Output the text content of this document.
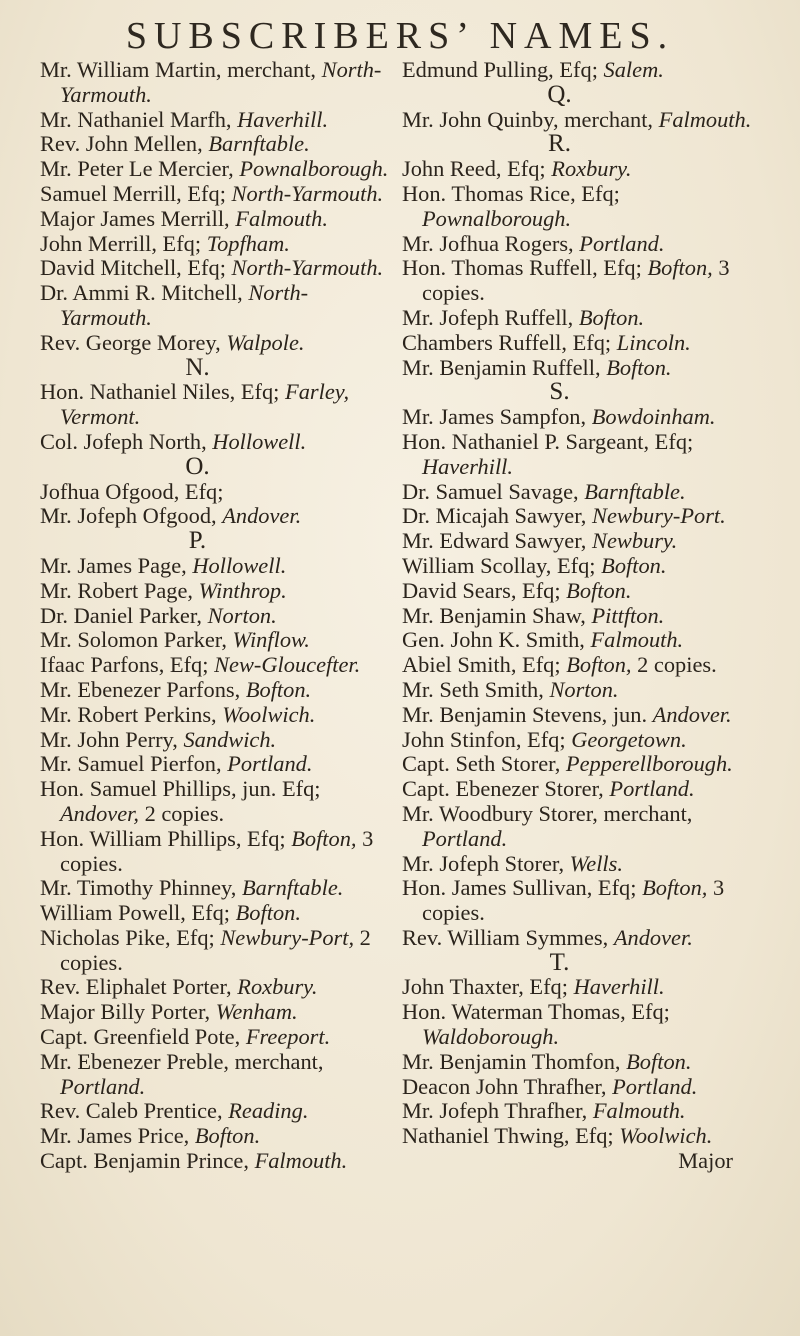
SUBSCRIBERS’ NAMES.

Mr. William Martin, merchant, North-Yarmouth.

Mr. Nathaniel Marfh, Haverhill.

Rev. John Mellen, Barnftable.

Mr. Peter Le Mercier, Pownalborough.

Samuel Merrill, Efq; North-Yarmouth.

Major James Merrill, Falmouth.

John Merrill, Efq; Topfham.

David Mitchell, Efq; North-Yarmouth.

Dr. Ammi R. Mitchell, North-Yarmouth.

Rev. George Morey, Walpole.

N.

Hon. Nathaniel Niles, Efq; Farley, Vermont.

Col. Jofeph North, Hollowell.

O.

Jofhua Ofgood, Efq;

Mr. Jofeph Ofgood, Andover.

P.

Mr. James Page, Hollowell.

Mr. Robert Page, Winthrop.

Dr. Daniel Parker, Norton.

Mr. Solomon Parker, Winflow.

Ifaac Parfons, Efq; New-Gloucefter.

Mr. Ebenezer Parfons, Bofton.

Mr. Robert Perkins, Woolwich.

Mr. John Perry, Sandwich.

Mr. Samuel Pierfon, Portland.

Hon. Samuel Phillips, jun. Efq; Andover, 2 copies.

Hon. William Phillips, Efq; Bofton, 3 copies.

Mr. Timothy Phinney, Barnftable.

William Powell, Efq; Bofton.

Nicholas Pike, Efq; Newbury-Port, 2 copies.

Rev. Eliphalet Porter, Roxbury.

Major Billy Porter, Wenham.

Capt. Greenfield Pote, Freeport.

Mr. Ebenezer Preble, merchant, Portland.

Rev. Caleb Prentice, Reading.

Mr. James Price, Bofton.

Capt. Benjamin Prince, Falmouth.

Edmund Pulling, Efq; Salem.

Q.

Mr. John Quinby, merchant, Falmouth.

R.

John Reed, Efq; Roxbury.

Hon. Thomas Rice, Efq; Pownalborough.

Mr. Jofhua Rogers, Portland.

Hon. Thomas Ruffell, Efq; Bofton, 3 copies.

Mr. Jofeph Ruffell, Bofton.

Chambers Ruffell, Efq; Lincoln.

Mr. Benjamin Ruffell, Bofton.

S.

Mr. James Sampfon, Bowdoinham.

Hon. Nathaniel P. Sargeant, Efq; Haverhill.

Dr. Samuel Savage, Barnftable.

Dr. Micajah Sawyer, Newbury-Port.

Mr. Edward Sawyer, Newbury.

William Scollay, Efq; Bofton.

David Sears, Efq; Bofton.

Mr. Benjamin Shaw, Pittfton.

Gen. John K. Smith, Falmouth.

Abiel Smith, Efq; Bofton, 2 copies.

Mr. Seth Smith, Norton.

Mr. Benjamin Stevens, jun. Andover.

John Stinfon, Efq; Georgetown.

Capt. Seth Storer, Pepperellborough.

Capt. Ebenezer Storer, Portland.

Mr. Woodbury Storer, merchant, Portland.

Mr. Jofeph Storer, Wells.

Hon. James Sullivan, Efq; Bofton, 3 copies.

Rev. William Symmes, Andover.

T.

John Thaxter, Efq; Haverhill.

Hon. Waterman Thomas, Efq; Waldoborough.

Mr. Benjamin Thomfon, Bofton.

Deacon John Thrafher, Portland.

Mr. Jofeph Thrafher, Falmouth.

Nathaniel Thwing, Efq; Woolwich.

Major
